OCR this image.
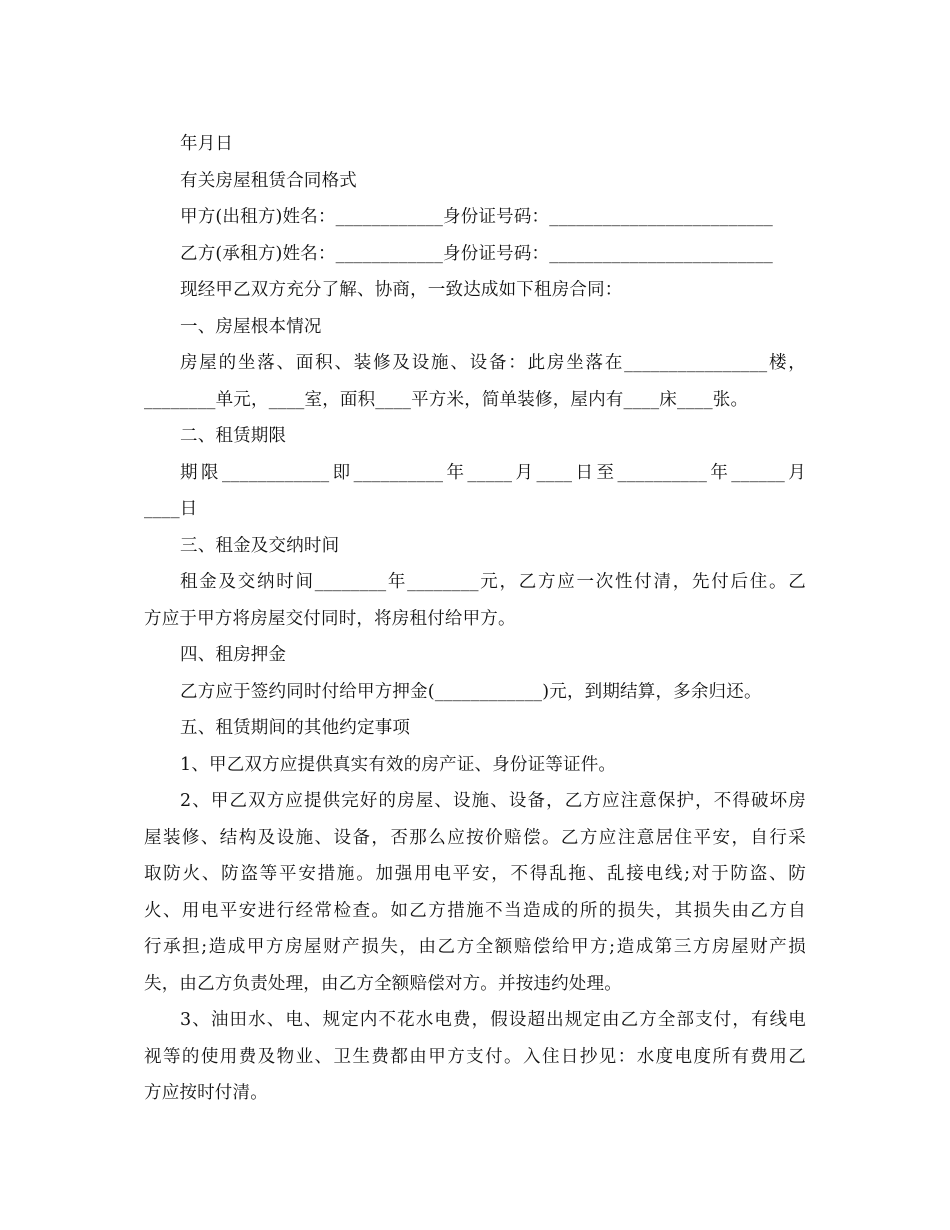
年月日

有关房屋租赁合同格式

甲方(出租方)姓名：____________身份证号码：_________________________

乙方(承租方)姓名：____________身份证号码：_________________________

现经甲乙双方充分了解、协商，一致达成如下租房合同：

一、房屋根本情况

房屋的坐落、面积、装修及设施、设备：此房坐落在________________楼，
________单元，____室，面积____平方米，简单装修，屋内有____床____张。

二、租赁期限

期限____________即__________年_____月____日至__________年______月
____日

三、租金及交纳时间

租金及交纳时间________年________元，乙方应一次性付清，先付后住。乙
方应于甲方将房屋交付同时，将房租付给甲方。

四、租房押金

乙方应于签约同时付给甲方押金(____________)元，到期结算，多余归还。

五、租赁期间的其他约定事项

1、甲乙双方应提供真实有效的房产证、身份证等证件。

2、甲乙双方应提供完好的房屋、设施、设备，乙方应注意保护，不得破坏房
屋装修、结构及设施、设备，否那么应按价赔偿。乙方应注意居住平安，自行采
取防火、防盗等平安措施。加强用电平安，不得乱拖、乱接电线;对于防盗、防
火、用电平安进行经常检查。如乙方措施不当造成的所的损失，其损失由乙方自
行承担;造成甲方房屋财产损失，由乙方全额赔偿给甲方;造成第三方房屋财产损
失，由乙方负责处理，由乙方全额赔偿对方。并按违约处理。
3、油田水、电、规定内不花水电费，假设超出规定由乙方全部支付，有线电
视等的使用费及物业、卫生费都由甲方支付。入住日抄见：水度电度所有费用乙
方应按时付清。
